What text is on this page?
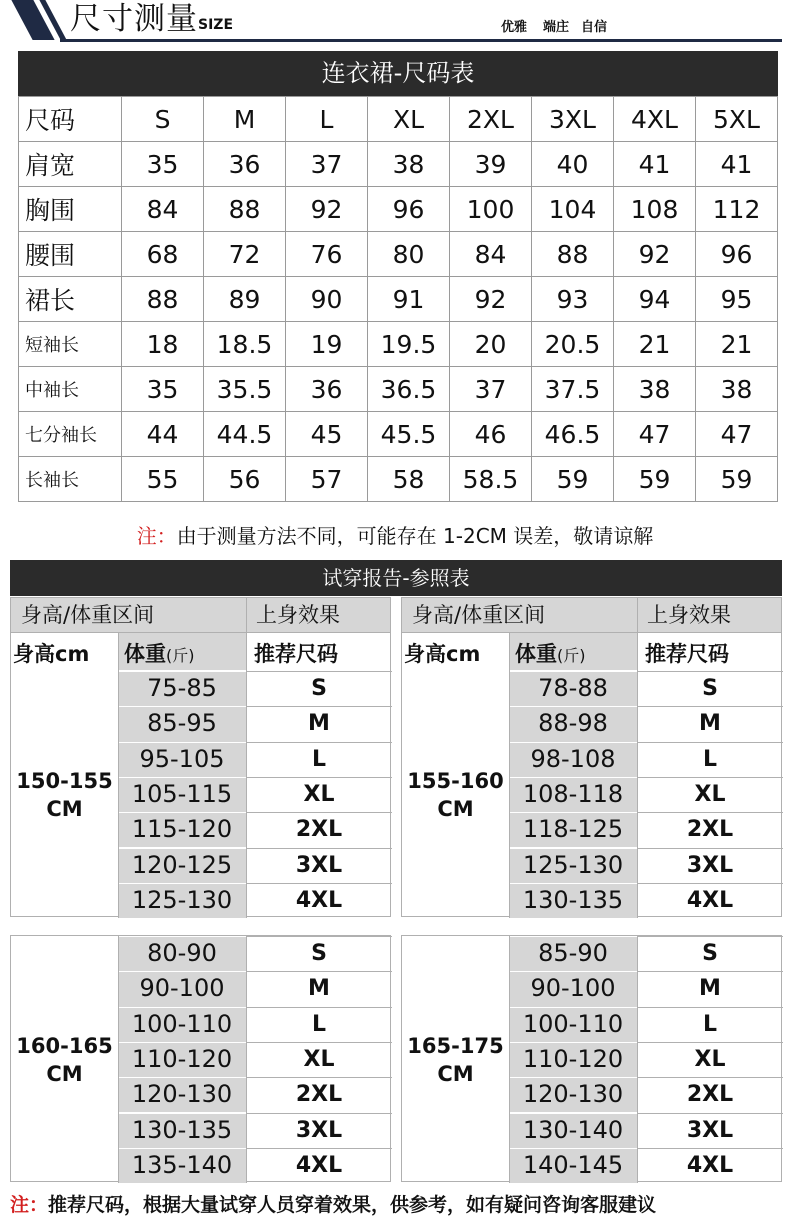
尺寸测量SIZE	优雅 端庄 自信
连衣裙-尺码表
尺码	S	M	L	XL	2XL	3XL	4XL	5XL
肩宽	35	36	37	38	39	40	41	41
胸围	84	88	92	96	100	104	108	112
腰围	68	72	76	80	84	88	92	96
裙长	88	89	90	91	92	93	94	95
短袖长	18	18.5	19	19.5	20	20.5	21	21
中袖长	35	35.5	36	36.5	37	37.5	38	38
七分袖长	44	44.5	45	45.5	46	46.5	47	47
长袖长	55	56	57	58	58.5	59	59	59
注：由于测量方法不同，可能存在 1-2CM 误差，敬请谅解
试穿报告-参照表
身高/体重区间	上身效果
身高cm 体重(斤)	推荐尺码
75-85	S
85-95	M
95-105	L
105-115	XL
115-120	2XL
120-125	3XL
125-130	4XL
150-155
CM
身高/体重区间	上身效果
身高cm 体重(斤)	推荐尺码
78-88	S
88-98	M
98-108	L
108-118	XL
118-125	2XL
125-130	3XL
130-135	4XL
155-160
CM
80-90	S
90-100	M
100-110	L
110-120	XL
120-130	2XL
130-135	3XL
135-140	4XL
160-165
CM
85-90	S
90-100	M
100-110	L
110-120	XL
120-130	2XL
130-140	3XL
140-145	4XL
165-175
CM
注：推荐尺码，根据大量试穿人员穿着效果，供参考，如有疑问咨询客服建议
